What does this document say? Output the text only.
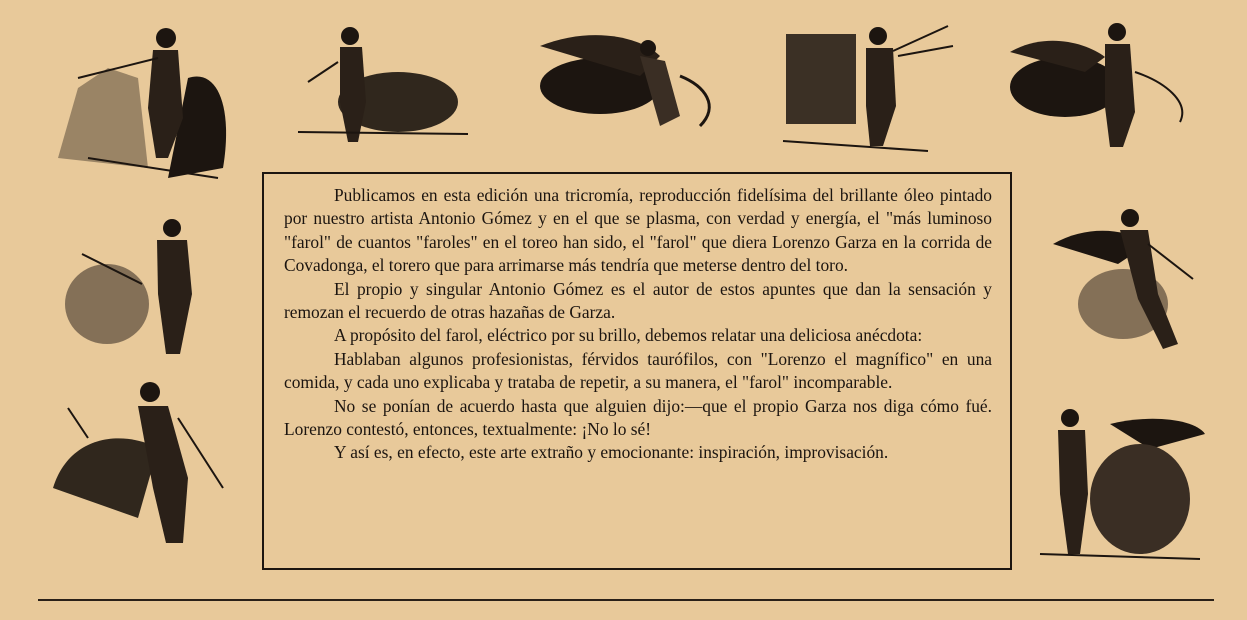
Publicamos en esta edición una tricromía, reproducción fidelísima del brillante óleo pintado por nuestro artista Antonio Gómez y en el que se plasma, con verdad y energía, el "más luminoso "farol" de cuantos "faroles" en el toreo han sido, el "farol" que diera Lorenzo Garza en la corrida de Covadonga, el torero que para arrimarse más tendría que meterse dentro del toro.

El propio y singular Antonio Gómez es el autor de estos apuntes que dan la sensación y remozan el recuerdo de otras hazañas de Garza.

A propósito del farol, eléctrico por su brillo, debemos relatar una deliciosa anécdota:

Hablaban algunos profesionistas, férvidos taurófilos, con "Lorenzo el magnífico" en una comida, y cada uno explicaba y trataba de repetir, a su manera, el "farol" incomparable.

No se ponían de acuerdo hasta que alguien dijo:—que el propio Garza nos diga cómo fué. Lorenzo contestó, entonces, textualmente: ¡No lo sé!

Y así es, en efecto, este arte extraño y emocionante: inspiración, improvisación.
